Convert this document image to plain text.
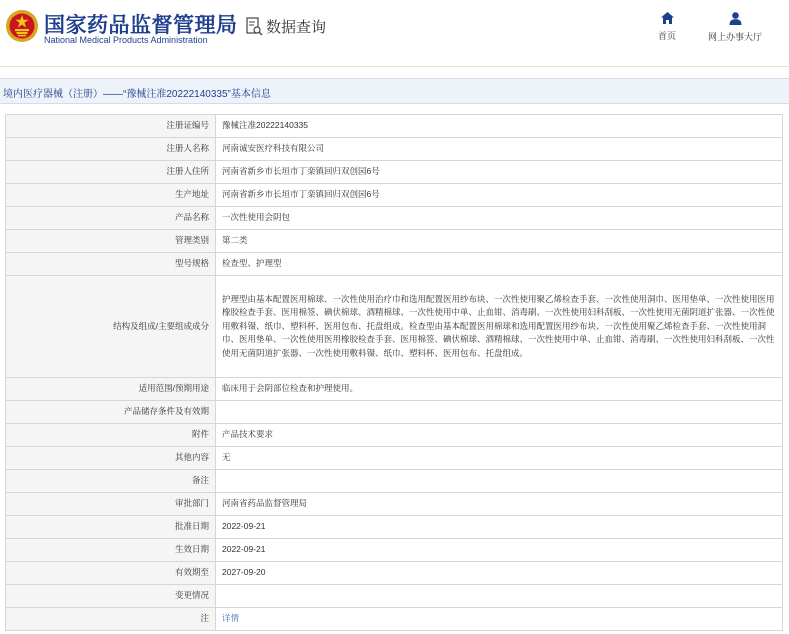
国家药品监督管理局
National Medical Products Administration
数据查询	首页	网上办事大厅
境内医疗器械（注册）——“豫械注准20222140335”基本信息
注册证编号	豫械注准20222140335
注册人名称	河南诚安医疗科技有限公司
注册人住所	河南省新乡市长垣市丁栾镇回归双创园6号
生产地址	河南省新乡市长垣市丁栾镇回归双创园6号
产品名称	一次性使用会阴包
管理类别	第二类
型号规格	检查型、护理型
结构及组成/主要组成成分	护理型由基本配置医用棉球、一次性使用治疗巾和选用配置医用纱布块、一次性使用聚乙烯检查手套、一次性使用洞巾、医用垫单、一次性使用医用橡胶检查手套、医用棉签、碘伏棉球、酒精棉球、一次性使用中单、止血钳、消毒刷、一次性使用妇科刮板、一次性使用无菌阴道扩张器、一次性使用敷料镊、纸巾、塑料杯、医用包布、托盘组成。检查型由基本配置医用棉球和选用配置医用纱布块、一次性使用聚乙烯检查手套、一次性使用洞巾、医用垫单、一次性使用医用橡胶检查手套、医用棉签、碘伏棉球、酒精棉球、一次性使用中单、止血钳、消毒刷、一次性使用妇科刮板、一次性使用无菌阴道扩张器、一次性使用敷料镊、纸巾、塑料杯、医用包布、托盘组成。
适用范围/预期用途	临床用于会阴部位检查和护理使用。
产品储存条件及有效期	
附件	产品技术要求
其他内容	无
备注	
审批部门	河南省药品监督管理局
批准日期	2022-09-21
生效日期	2022-09-21
有效期至	2027-09-20
变更情况	
注	详情
